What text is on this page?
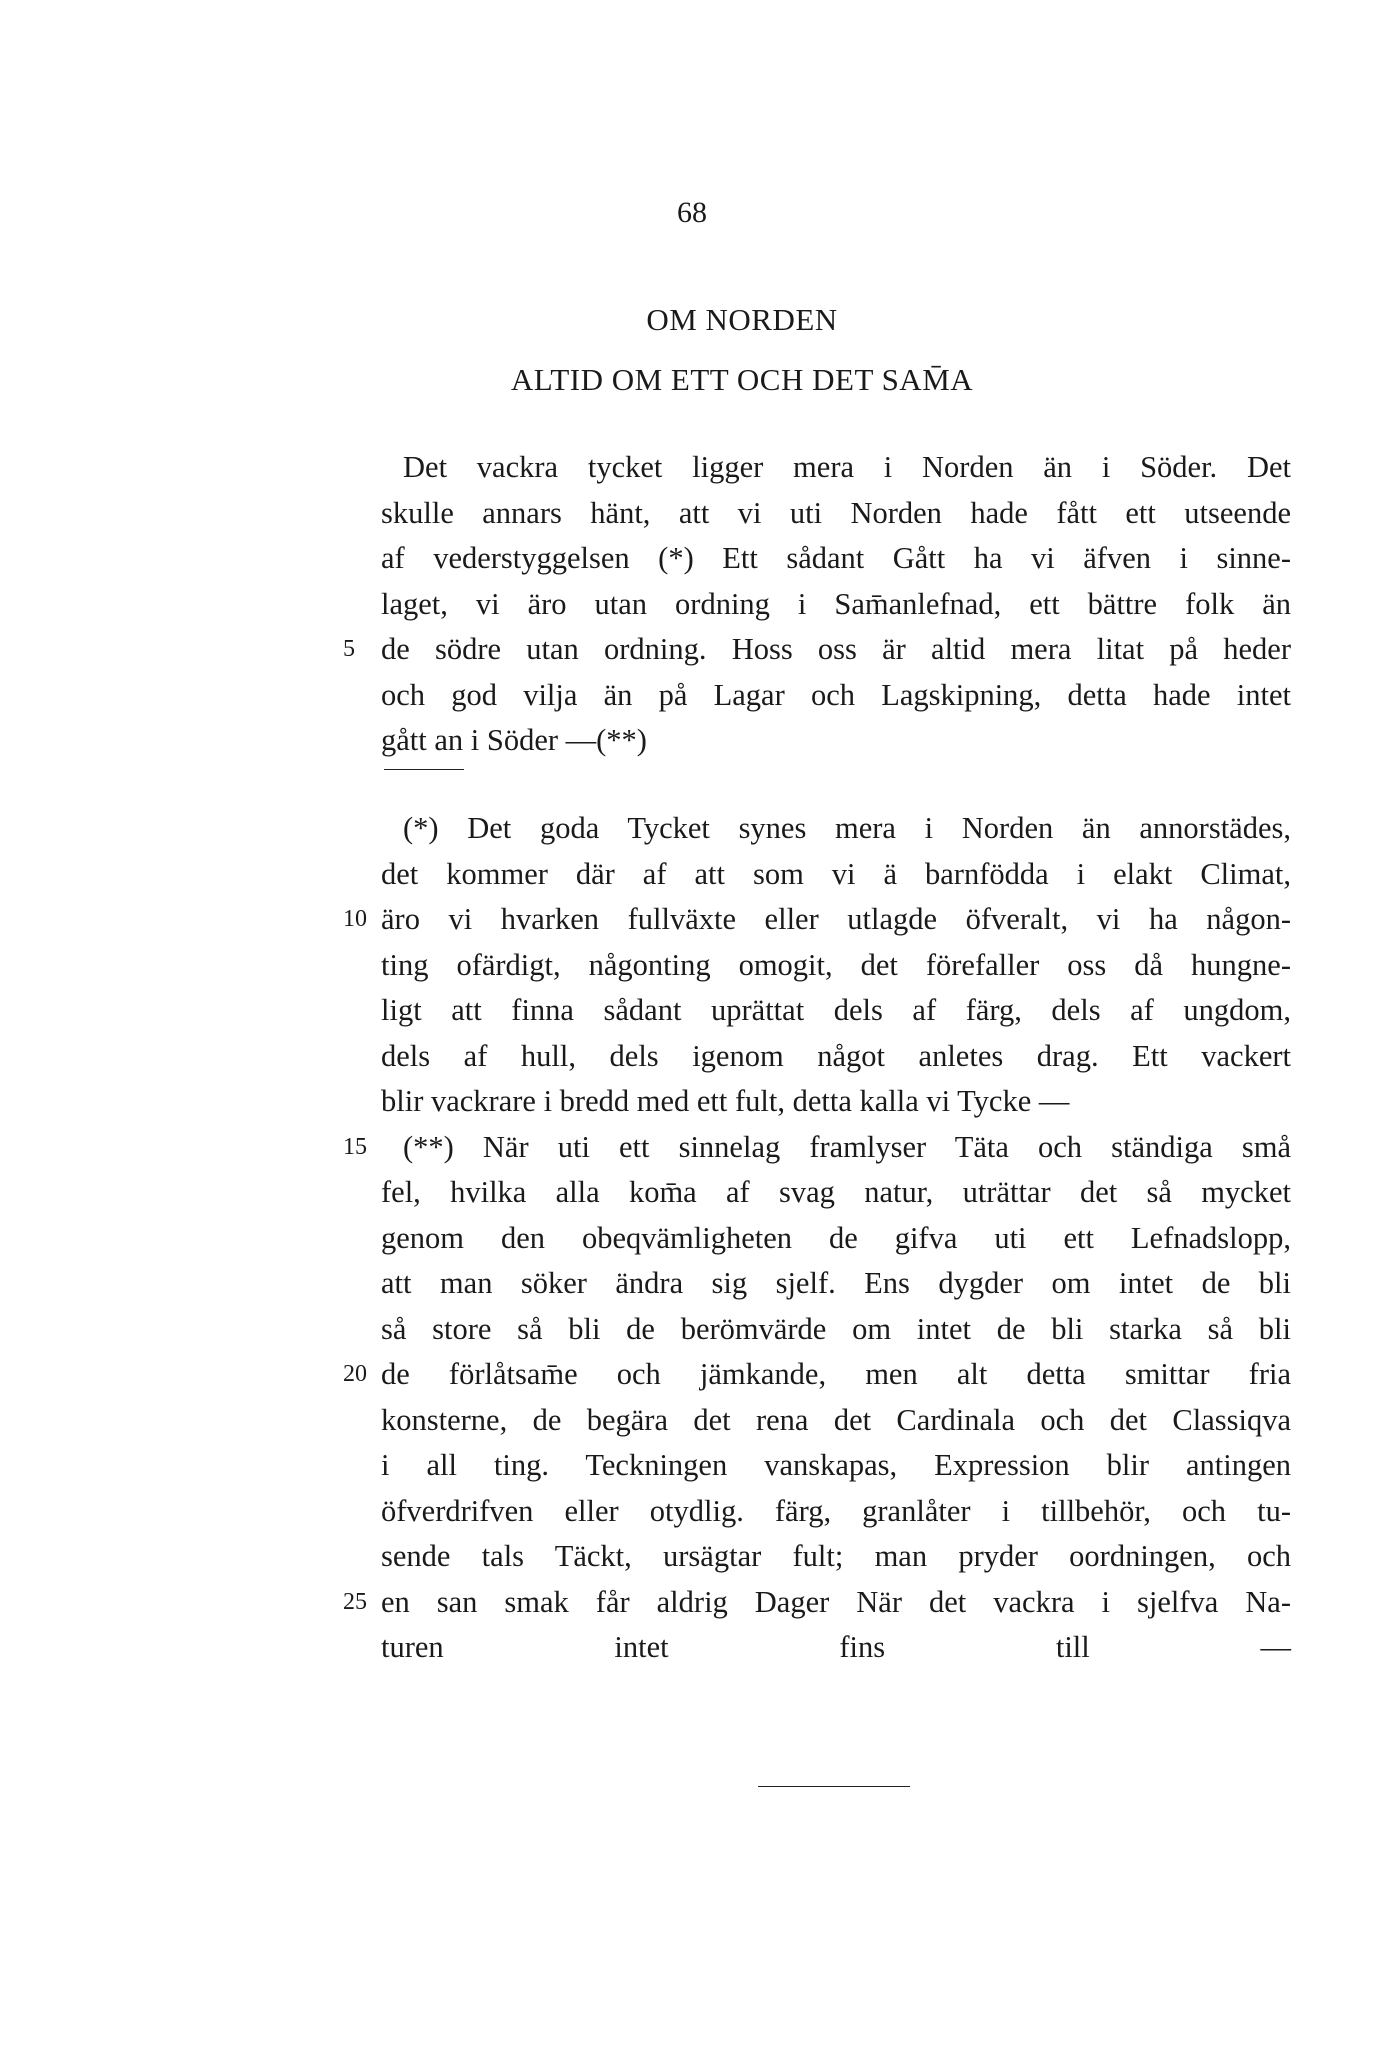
68
OM NORDEN
ALTID OM ETT OCH DET SAM̄A
Det vackra tycket ligger mera i Norden än i Söder. Det
skulle annars hänt, att vi uti Norden hade fått ett utseende
af vederstyggelsen (*) Ett sådant Gått ha vi äfven i sinne-
laget, vi äro utan ordning i Sam̄anlefnad, ett bättre folk än
5 de södre utan ordning. Hoss oss är altid mera litat på heder
och god vilja än på Lagar och Lagskipning, detta hade intet
gått an i Söder —(**)
(*) Det goda Tycket synes mera i Norden än annorstädes,
det kommer där af att som vi ä barnfödda i elakt Climat,
10 äro vi hvarken fullväxte eller utlagde öfveralt, vi ha någon-
ting ofärdigt, någonting omogit, det förefaller oss då hungne-
ligt att finna sådant uprättat dels af färg, dels af ungdom,
dels af hull, dels igenom något anletes drag. Ett vackert
blir vackrare i bredd med ett fult, detta kalla vi Tycke —
15	(**) När uti ett sinnelag framlyser Täta och ständiga små
fel, hvilka alla kom̄a af svag natur, uträttar det så mycket
genom den obeqvämligheten de gifva uti ett Lefnadslopp,
att man söker ändra sig sjelf. Ens dygder om intet de bli
så store så bli de berömvärde om intet de bli starka så bli
20 de förlåtsam̄e och jämkande, men alt detta smittar fria
konsterne, de begära det rena det Cardinala och det Classiqva
i all ting. Teckningen vanskapas, Expression blir antingen
öfverdrifven eller otydlig. färg, granlåter i tillbehör, och tu-
sende tals Täckt, ursägtar fult; man pryder oordningen, och
25 en san smak får aldrig Dager När det vackra i sjelfva Na-
turen intet fins till —
